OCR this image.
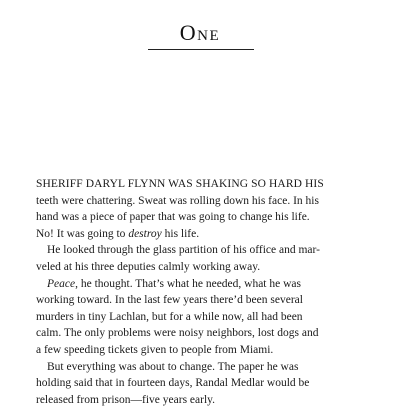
One

SHERIFF DARYL FLYNN WAS SHAKING SO HARD HIS
teeth were chattering. Sweat was rolling down his face. In his
hand was a piece of paper that was going to change his life.
No! It was going to destroy his life.

He looked through the glass partition of his office and mar-
veled at his three deputies calmly working away.

Peace, he thought. That’s what he needed, what he was
working toward. In the last few years there’d been several
murders in tiny Lachlan, but for a while now, all had been
calm. The only problems were noisy neighbors, lost dogs and
a few speeding tickets given to people from Miami.

But everything was about to change. The paper he was
holding said that in fourteen days, Randal Medlar would be
released from prison—five years early.
